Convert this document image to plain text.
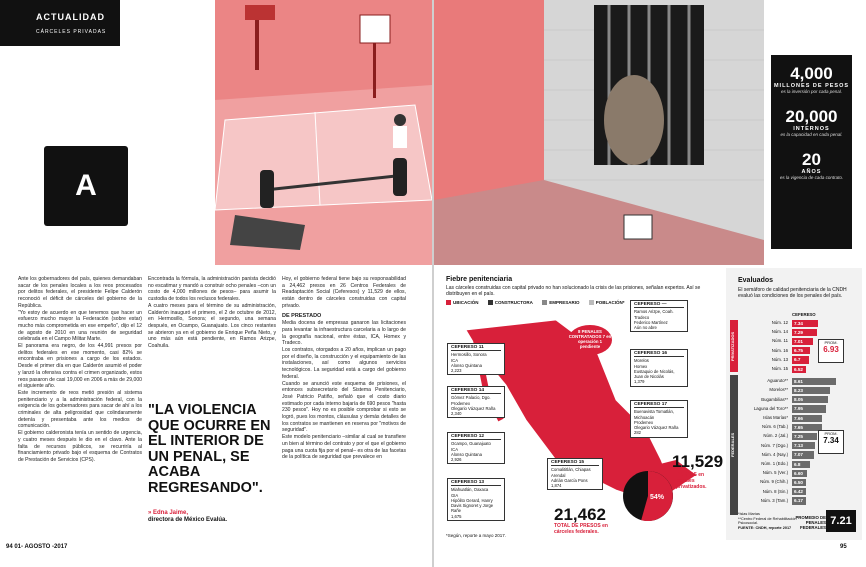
ACTUALIDAD
CÁRCELES PRIVADAS
A
4,000
MILLONES DE PESOS
es la inversión por cada penal.
20,000
INTERNOS
es la capacidad en cada penal.
20
AÑOS
es la vigencia de cada contrato.

Ante los gobernadores del país, quienes demandaban sacar de los penales locales a los reos procesados por delitos federales, el presidente Felipe Calderón reconoció el déficit de cárceles del gobierno de la República.

"Yo estoy de acuerdo en que tenemos que hacer un esfuerzo mucho mayor la Federación (sobre estar) mucho más comprometida en ese empeño", dijo el 12 de agosto de 2010 en una reunión de seguridad celebrada en el Campo Militar Marte.

El panorama era negro, de los 44,991 presos por delitos federales en ese momento, casi 82% se encontraba en prisiones a cargo de los estados. Desde el primer día en que Calderón asumió el poder y lanzó la ofensiva contra el crimen organizado, estos reos pasaron de casi 19,000 en 2006 a más de 29,000 el siguiente año.

Este incremento de reos metió presión al sistema penitenciario y a la administración federal, con la exigencia de los gobernadores para sacar de ahí a los criminales de alta peligrosidad que colindaramente detenía y presentaba ante los medios de comunicación.

El gobierno calderonista tenía un sentido de urgencia, y cuatro meses después le dio en el clavo. Ante la falta de recursos públicos, se recurriría al financiamiento privado bajo el esquema de Contratos de Prestación de Servicios (CPS).

Encontrada la fórmula, la administración panista decidió no escatimar y mandó a construir ocho penales –con un costo de 4,000 millones de pesos– para asumir la custodia de todos los reclusos federales.

A cuatro meses para el término de su administración, Calderón inauguró el primero, el 2 de octubre de 2012, en Hermosillo, Sonora; el segundo, una semana después, en Ocampo, Guanajuato. Los cinco restantes se abrieron ya en el gobierno de Enrique Peña Nieto, y uno más aún está pendiente, en Ramos Arizpe, Coahuila.

"LA VIOLENCIA QUE OCURRE EN EL INTERIOR DE UN PENAL, SE ACABA REGRESANDO".
» Edna Jaime,
directora de México Evalúa.

Hoy, el gobierno federal tiene bajo su responsabilidad a 24,462 presos en 26 Centros Federales de Readaptación Social (Ceferesos) y 11,529 de ellos, están dentro de cárceles construidas con capital privado.

DE PRESTADO

Media docena de empresas ganaron las licitaciones para levantar la infraestructura carcelaria a lo largo de la geografía nacional, entre éstas, ICA, Homex y Tradeco.

Los contratos, otorgados a 20 años, implican un pago por el diseño, la construcción y el equipamiento de las instalaciones, así como algunos servicios tecnológicos. La seguridad está a cargo del gobierno federal.

Cuando se anunció este esquema de prisiones, el entonces subsecretario del Sistema Penitenciario, José Patricio Patiño, señaló que el costo diario estimado por cada interno bajaría de 690 pesos "hasta 230 pesos". Hoy no es posible comprobar si esto se logró, pues los montos, cláusulas y demás detalles de los contratos se mantienen en reserva por "motivos de seguridad".

Este modelo penitenciario –similar al cual se transfiere un bien al término del contrato y por el que el gobierno paga una cuota fija por el penal– es otra de las facetas de la política de seguridad que prevalece en

94 01- AGOSTO -2017	95
Fiebre penitenciaria
Las cárceles construidas con capital privado no han solucionado la crisis de las prisiones, señalan expertos. Así se distribuyen en el país.
UBICACIÓN	CONSTRUCTORA	EMPRESARIO	POBLACIÓN*
8 PENALES CONTRATADOS 7 en operación 1 pendiente
CEFERESO 11
Hermosillo, Sonora
ICA
Alonso Quintana
2,223
CEFERESO 14
Gómez Palacio, Dgo.
Prodemex
Olegario Vázquez Raña
2,340
CEFERESO 12
Ocampo, Guanajuato
ICA
Alonso Quintana
2,926
CEFERESO 13
Miahuatlán, Oaxaca
GIA
Hipólito Gerard, Hanry Davis Signoret y Jorge Rañe
1,675
CEFERESO —
Ramos Arizpe, Coah.
Tradeco
Federico Martínez
Aún no abre
CEFERESO 16
Morelos
Homex
Eustaquio de Nicolás, Juan de Nicolás
1,379
CEFERESO 17
Buenavista Tomatlán, Michoacán
Prodemex
Olegario Vázquez Raña
282
CEFERESO 15
Comalititlán, Chiapas
Arendal
Adrián García Pons
1,874
11,529
PRESOS en penales privatizados.
21,462
TOTAL DE PRESOS en cárceles federales.
54%
*Según, reporte a mayo 2017.
Evaluados
El semáforo de calidad penitenciaria de la CNDH evaluó las condiciones de los penales del país.
CEFERESO
PRIVATIZADOS
FEDERALES
Núm. 12	7.34
Núm. 14	7.29
Núm. 11	7.01
Núm. 16	6.75
Núm. 13	6.7
Núm. 15	6.52
Aguaruto**	8.61
Morelos**	8.23
Bugambilias**	8.05
Laguna del Toro**	7.95
Islas Marías*	7.66
Núm. 6 (Tab.)	7.65
Núm. 2 (Jal.)	7.25
Núm. 7 (Dgo.)	7.13
Núm. 4 (Nay.)	7.07
Núm. 1 (Edo.)	6.8
Núm. 5 (Ver.)	6.60
Núm. 9 (Chih.)	6.50
Núm. 8 (Sin.)	6.42
Núm. 3 (Tam.)	6.17
PROM.
6.93
PROM.
7.34
*Islas Marías
**Centro Federal de Rehabilitación Psicosocial.
FUENTE: CNDH, reporte 2017
PROMEDIO DE PENALES FEDERALES
7.21
